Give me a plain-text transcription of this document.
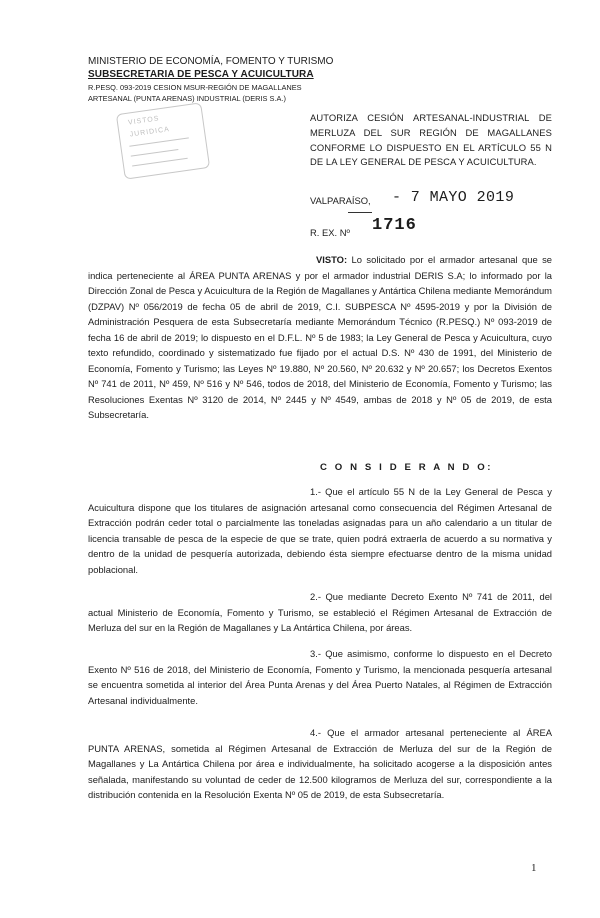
MINISTERIO DE ECONOMÍA, FOMENTO Y TURISMO
SUBSECRETARIA DE PESCA Y ACUICULTURA
R.PESQ. 093-2019 CESION MSUR-REGIÓN DE MAGALLANES
ARTESANAL (PUNTA ARENAS) INDUSTRIAL (DERIS S.A.)
VISTOS
JURIDICA
AUTORIZA CESIÓN ARTESANAL-INDUSTRIAL DE MERLUZA DEL SUR REGIÓN DE MAGALLANES CONFORME LO DISPUESTO EN EL ARTÍCULO 55 N DE LA LEY GENERAL DE PESCA Y ACUICULTURA.
VALPARAÍSO, - 7 MAYO 2019
R. EX. Nº 1716
VISTO: Lo solicitado por el armador artesanal que se indica perteneciente al ÁREA PUNTA ARENAS y por el armador industrial DERIS S.A; lo informado por la Dirección Zonal de Pesca y Acuicultura de la Región de Magallanes y Antártica Chilena mediante Memorándum (DZPAV) Nº 056/2019 de fecha 05 de abril de 2019, C.I. SUBPESCA Nº 4595-2019 y por la División de Administración Pesquera de esta Subsecretaría mediante Memorándum Técnico (R.PESQ.) Nº 093-2019 de fecha 16 de abril de 2019; lo dispuesto en el D.F.L. Nº 5 de 1983; la Ley General de Pesca y Acuicultura, cuyo texto refundido, coordinado y sistematizado fue fijado por el actual D.S. Nº 430 de 1991, del Ministerio de Economía, Fomento y Turismo; las Leyes Nº 19.880, Nº 20.560, Nº 20.632 y Nº 20.657; los Decretos Exentos Nº 741 de 2011, Nº 459, Nº 516 y Nº 546, todos de 2018, del Ministerio de Economía, Fomento y Turismo; las Resoluciones Exentas Nº 3120 de 2014, Nº 2445 y Nº 4549, ambas de 2018 y Nº 05 de 2019, de esta Subsecretaría.
C O N S I D E R A N D O:
1.- Que el artículo 55 N de la Ley General de Pesca y Acuicultura dispone que los titulares de asignación artesanal como consecuencia del Régimen Artesanal de Extracción podrán ceder total o parcialmente las toneladas asignadas para un año calendario a un titular de licencia transable de pesca de la especie de que se trate, quien podrá extraerla de acuerdo a su normativa y dentro de la unidad de pesquería autorizada, debiendo ésta siempre efectuarse dentro de la misma unidad poblacional.
2.- Que mediante Decreto Exento Nº 741 de 2011, del actual Ministerio de Economía, Fomento y Turismo, se estableció el Régimen Artesanal de Extracción de Merluza del sur en la Región de Magallanes y La Antártica Chilena, por áreas.
3.- Que asimismo, conforme lo dispuesto en el Decreto Exento Nº 516 de 2018, del Ministerio de Economía, Fomento y Turismo, la mencionada pesquería artesanal se encuentra sometida al interior del Área Punta Arenas y del Área Puerto Natales, al Régimen de Extracción Artesanal individualmente.
4.- Que el armador artesanal perteneciente al ÁREA PUNTA ARENAS, sometida al Régimen Artesanal de Extracción de Merluza del sur de la Región de Magallanes y La Antártica Chilena por área e individualmente, ha solicitado acogerse a la disposición antes señalada, manifestando su voluntad de ceder de 12.500 kilogramos de Merluza del sur, correspondiente a la distribución contenida en la Resolución Exenta Nº 05 de 2019, de esta Subsecretaría.
1
